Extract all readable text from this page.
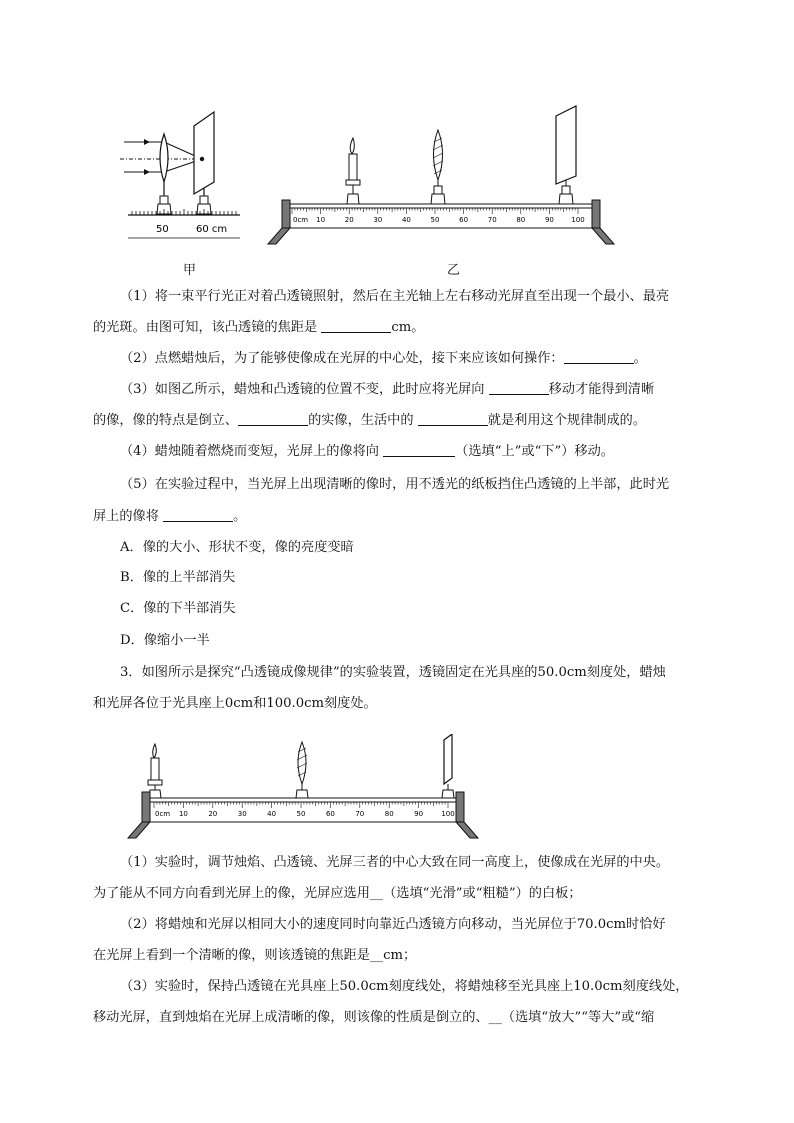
50	60 cm
甲
0cm 10	20	30	40	50	60	70	80	90 100
乙
（1）将一束平行光正对着凸透镜照射，然后在主光轴上左右移动光屏直至出现一个最小、最亮
的光斑。由图可知，该凸透镜的焦距是	cm。
（2）点燃蜡烛后，为了能够使像成在光屏的中心处，接下来应该如何操作：	。
（3）如图乙所示，蜡烛和凸透镜的位置不变，此时应将光屏向	移动才能得到清晰
的像，像的特点是倒立、	的实像，生活中的	就是利用这个规律制成的。
（4）蜡烛随着燃烧而变短，光屏上的像将向	（选填“上”或“下”）移动。
（5）在实验过程中，当光屏上出现清晰的像时，用不透光的纸板挡住凸透镜的上半部，此时光
屏上的像将	。
A．像的大小、形状不变，像的亮度变暗
B．像的上半部消失
C．像的下半部消失
D．像缩小一半
3．如图所示是探究“凸透镜成像规律”的实验装置，透镜固定在光具座的50.0cm刻度处，蜡烛
和光屏各位于光具座上0cm和100.0cm刻度处。
0cm 10	20	30	40	50	60	70	80	90	100
（1）实验时，调节烛焰、凸透镜、光屏三者的中心大致在同一高度上，使像成在光屏的中央。
为了能从不同方向看到光屏上的像，光屏应选用__（选填“光滑”或“粗糙”）的白板；
（2）将蜡烛和光屏以相同大小的速度同时向靠近凸透镜方向移动，当光屏位于70.0cm时恰好
在光屏上看到一个清晰的像，则该透镜的焦距是__cm；
（3）实验时，保持凸透镜在光具座上50.0cm刻度线处，将蜡烛移至光具座上10.0cm刻度线处，
移动光屏，直到烛焰在光屏上成清晰的像，则该像的性质是倒立的、__（选填“放大”“等大”或“缩
